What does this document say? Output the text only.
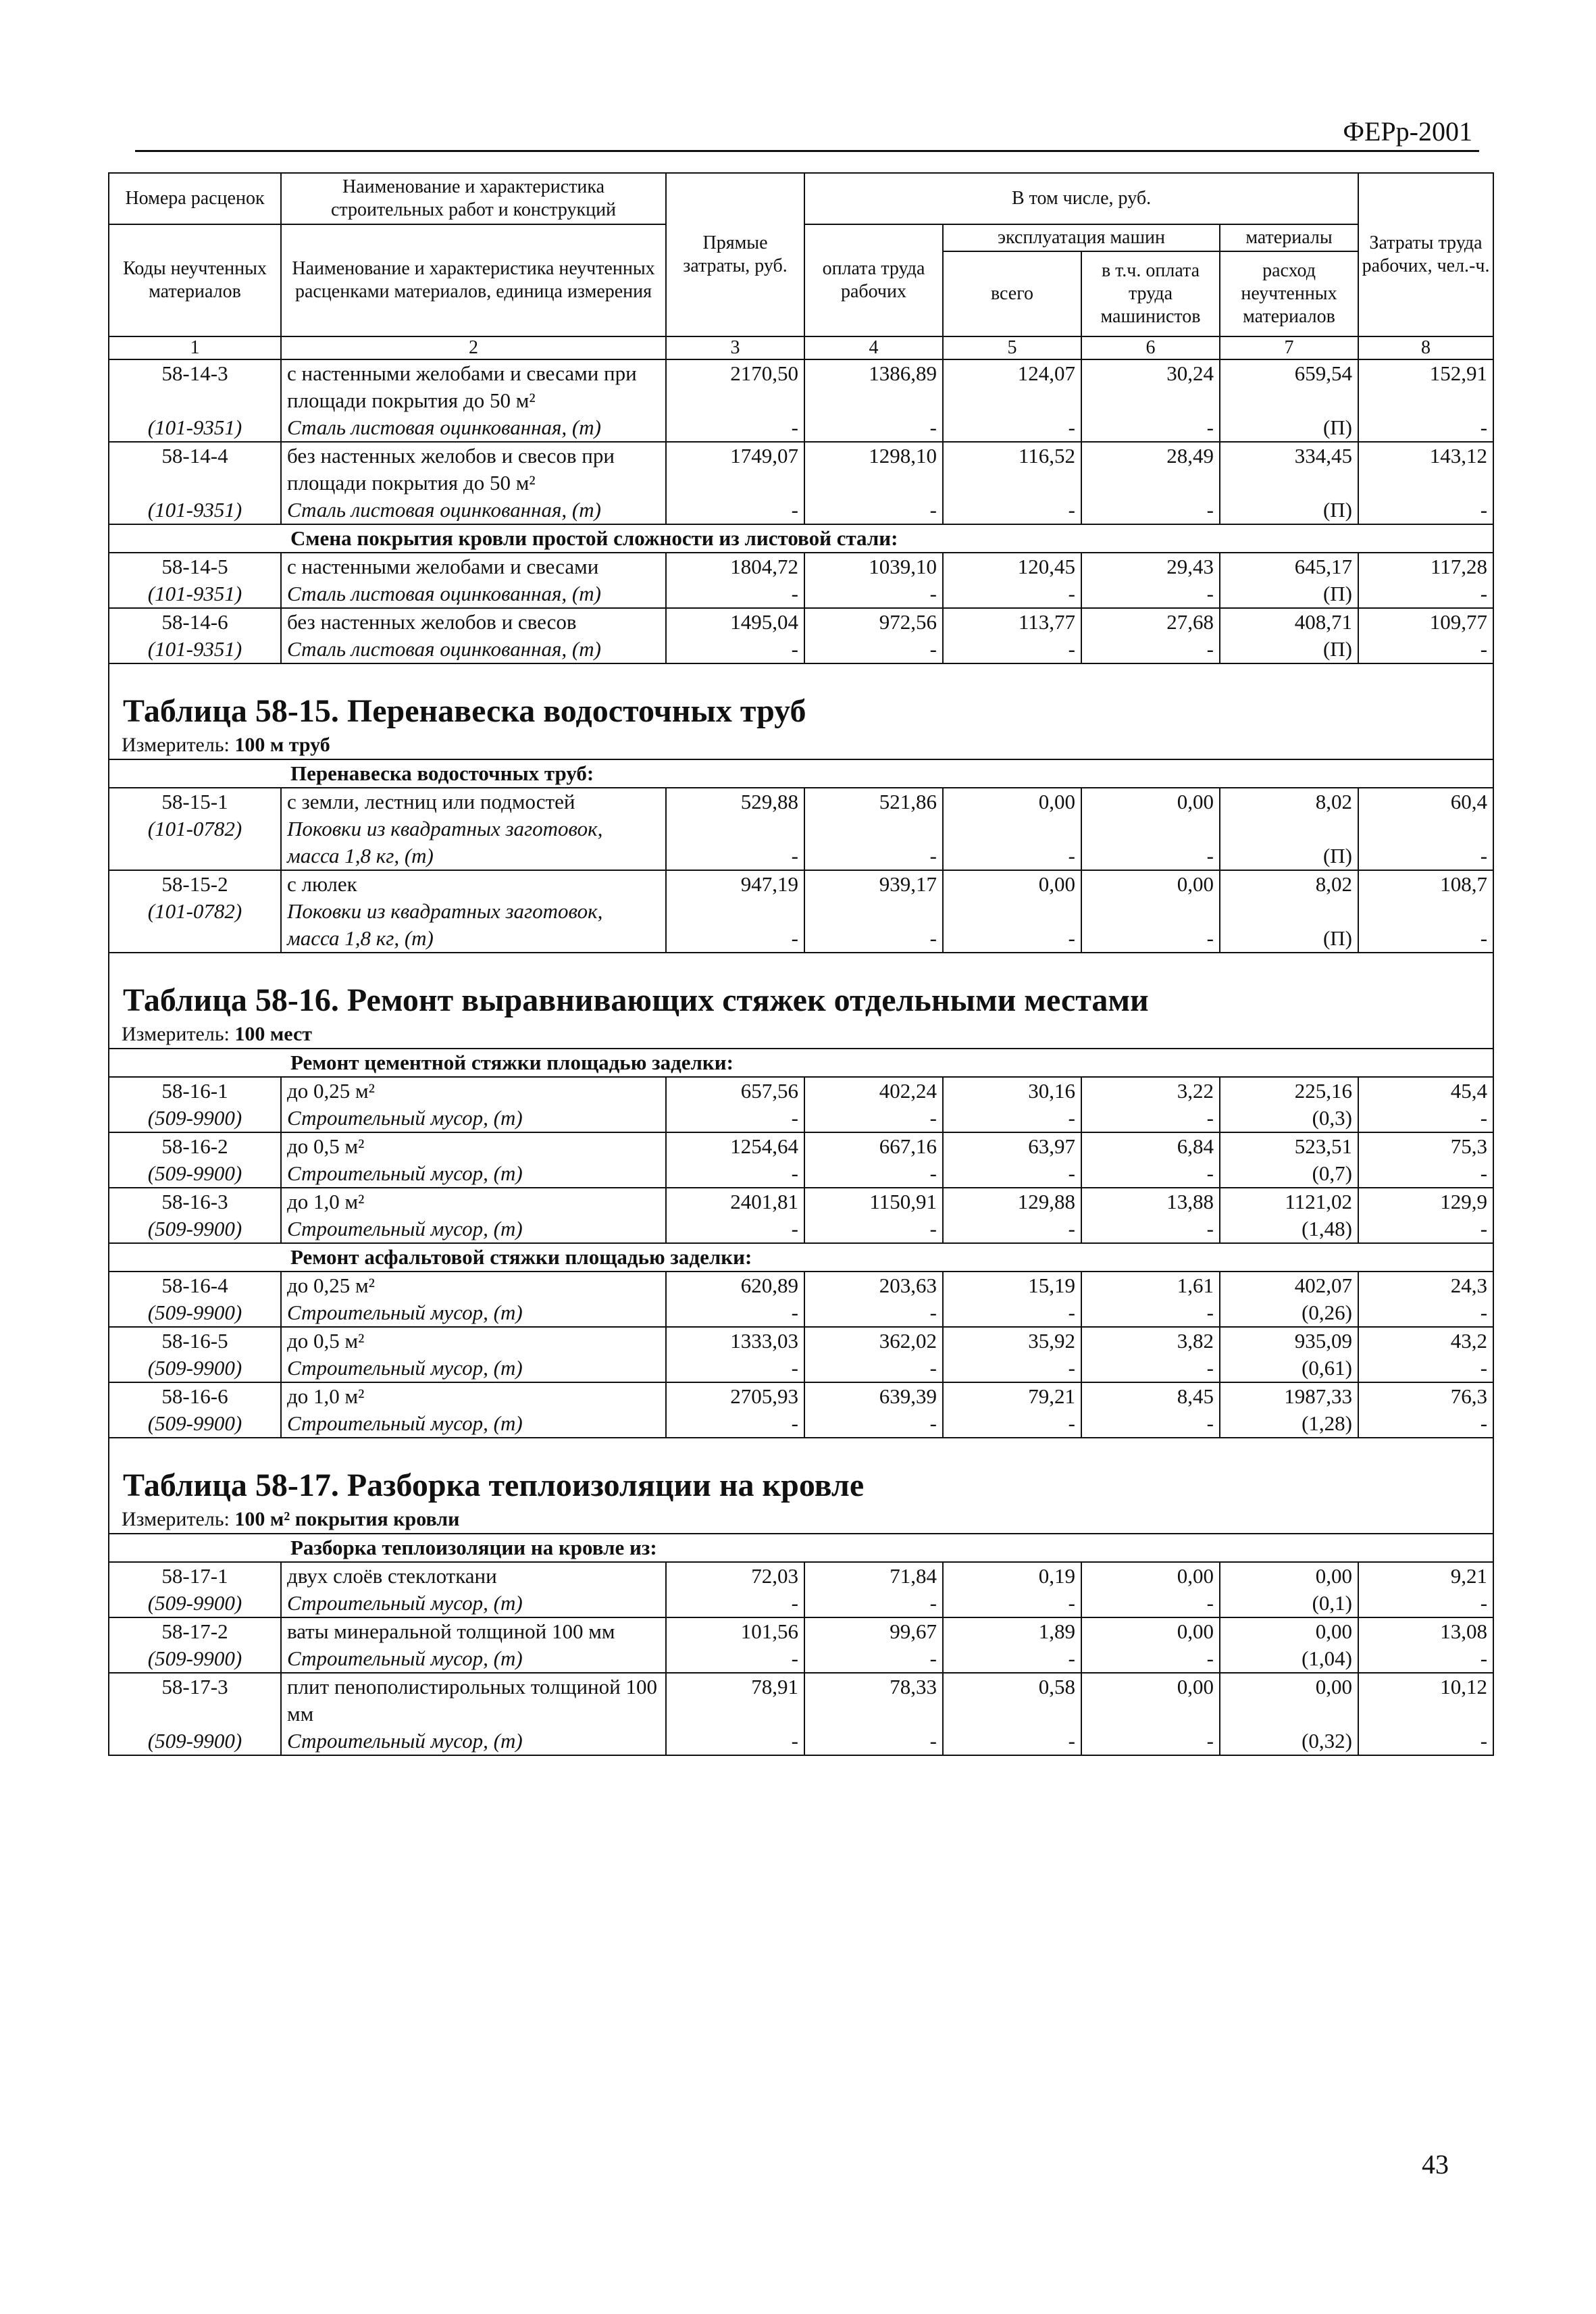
ФЕРр-2001
Номера расценок	Наименование и характеристика строительных работ и конструкций	Прямые затраты, руб.	В том числе, руб.				Затраты труда рабочих, чел.-ч.
Коды неучтенных материалов	Наименование и характеристика неучтенных расценками материалов, единица измерения		оплата труда рабочих	эксплуатация машин		материалы	
				всего	в т.ч. оплата труда машинистов	расход неучтенных материалов	
1	2	3	4	5	6	7	8
58-14-3	с настенными желобами и свесами при площади покрытия до 50 м²	2170,50	1386,89	124,07	30,24	659,54	152,91
(101-9351)	Сталь листовая оцинкованная, (т)	-	-	-	-	(П)	-
58-14-4	без настенных желобов и свесов при площади покрытия до 50 м²	1749,07	1298,10	116,52	28,49	334,45	143,12
(101-9351)	Сталь листовая оцинкованная, (т)	-	-	-	-	(П)	-
	Смена покрытия кровли простой сложности из листовой стали:						
58-14-5	с настенными желобами и свесами	1804,72	1039,10	120,45	29,43	645,17	117,28
(101-9351)	Сталь листовая оцинкованная, (т)	-	-	-	-	(П)	-
58-14-6	без настенных желобов и свесов	1495,04	972,56	113,77	27,68	408,71	109,77
(101-9351)	Сталь листовая оцинкованная, (т)	-	-	-	-	(П)	-

Таблица 58-15. Перенавеска водосточных труб							
Измеритель: 100 м труб							
	Перенавеска водосточных труб:						
58-15-1	с земли, лестниц или подмостей	529,88	521,86	0,00	0,00	8,02	60,4
(101-0782)	Поковки из квадратных заготовок, масса 1,8 кг, (т)	-	-	-	-	(П)	-
58-15-2	с люлек	947,19	939,17	0,00	0,00	8,02	108,7
(101-0782)	Поковки из квадратных заготовок, масса 1,8 кг, (т)	-	-	-	-	(П)	-

Таблица 58-16. Ремонт выравнивающих стяжек отдельными местами							
Измеритель: 100 мест							
	Ремонт цементной стяжки площадью заделки:						
58-16-1	до 0,25 м²	657,56	402,24	30,16	3,22	225,16	45,4
(509-9900)	Строительный мусор, (т)	-	-	-	-	(0,3)	-
58-16-2	до 0,5 м²	1254,64	667,16	63,97	6,84	523,51	75,3
(509-9900)	Строительный мусор, (т)	-	-	-	-	(0,7)	-
58-16-3	до 1,0 м²	2401,81	1150,91	129,88	13,88	1121,02	129,9
(509-9900)	Строительный мусор, (т)	-	-	-	-	(1,48)	-
	Ремонт асфальтовой стяжки площадью заделки:						
58-16-4	до 0,25 м²	620,89	203,63	15,19	1,61	402,07	24,3
(509-9900)	Строительный мусор, (т)	-	-	-	-	(0,26)	-
58-16-5	до 0,5 м²	1333,03	362,02	35,92	3,82	935,09	43,2
(509-9900)	Строительный мусор, (т)	-	-	-	-	(0,61)	-
58-16-6	до 1,0 м²	2705,93	639,39	79,21	8,45	1987,33	76,3
(509-9900)	Строительный мусор, (т)	-	-	-	-	(1,28)	-

Таблица 58-17. Разборка теплоизоляции на кровле							
Измеритель: 100 м² покрытия кровли							
	Разборка теплоизоляции на кровле из:						
58-17-1	двух слоёв стеклоткани	72,03	71,84	0,19	0,00	0,00	9,21
(509-9900)	Строительный мусор, (т)	-	-	-	-	(0,1)	-
58-17-2	ваты минеральной толщиной 100 мм	101,56	99,67	1,89	0,00	0,00	13,08
(509-9900)	Строительный мусор, (т)	-	-	-	-	(1,04)	-
58-17-3	плит пенополистирольных толщиной 100 мм	78,91	78,33	0,58	0,00	0,00	10,12
(509-9900)	Строительный мусор, (т)	-	-	-	-	(0,32)	-
43
